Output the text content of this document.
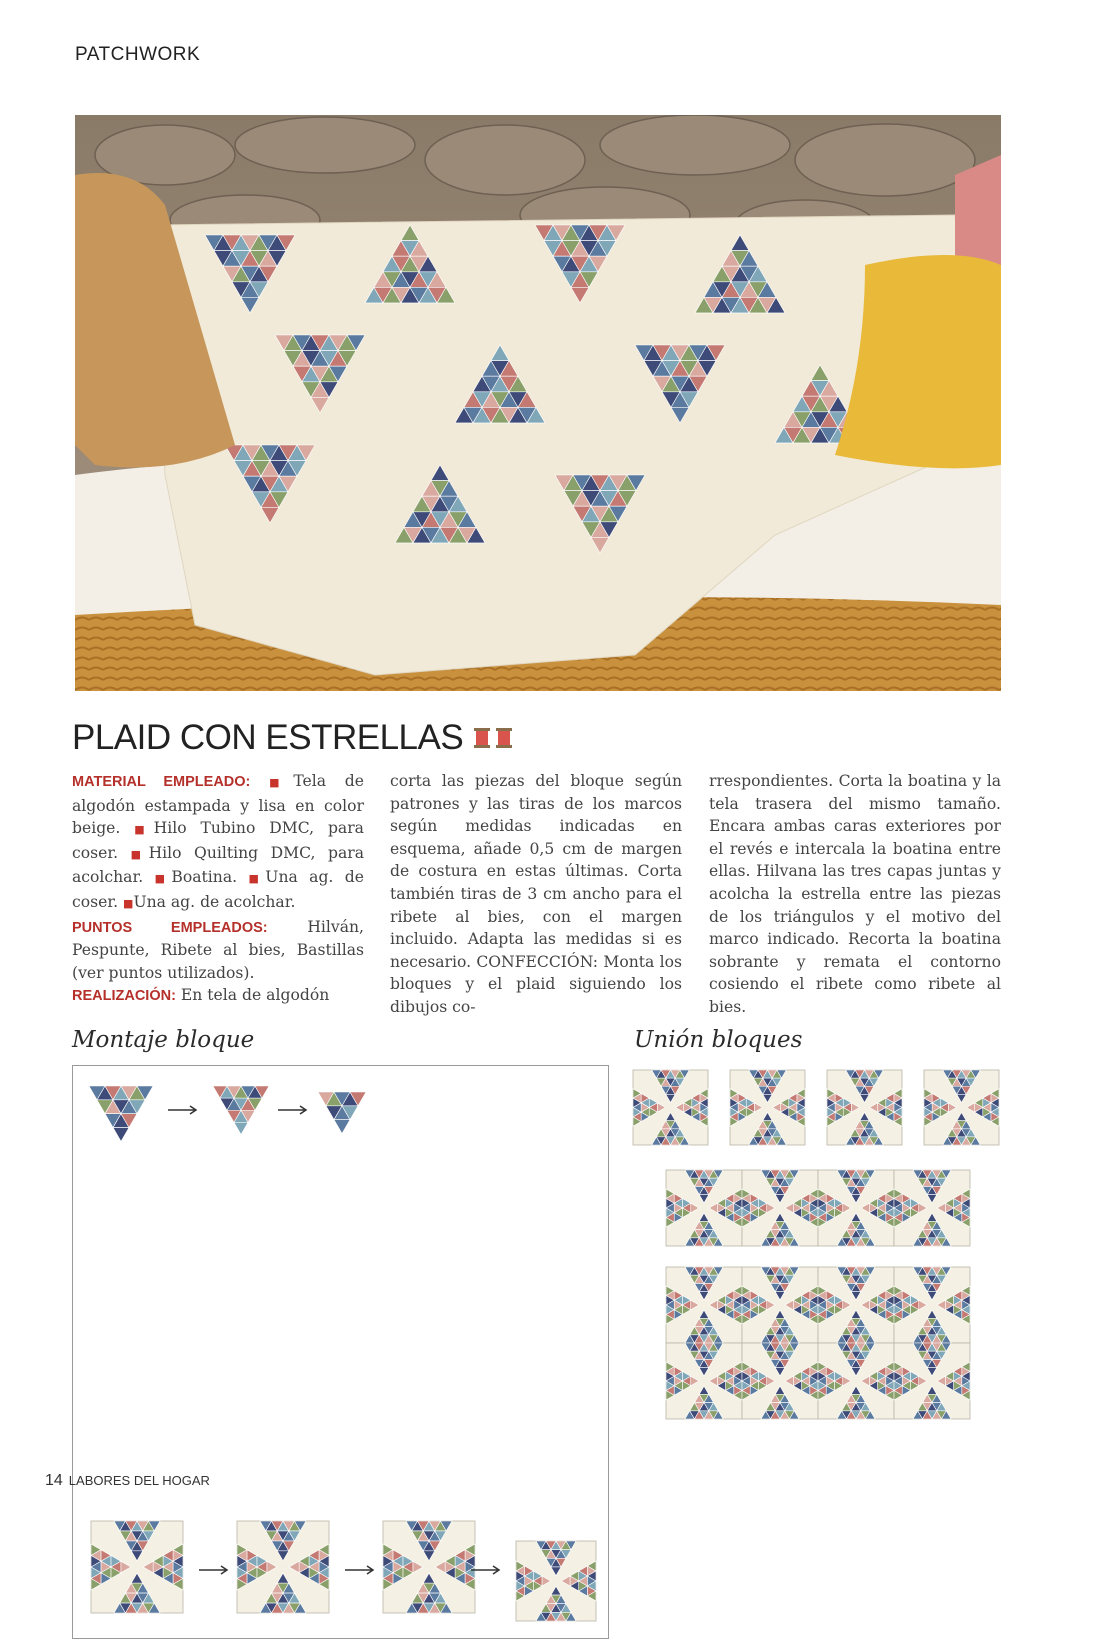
PATCHWORK
PLAID CON ESTRELLAS

MATERIAL EMPLEADO: ■Tela de algodón estampada y lisa en color beige. ■Hilo Tubino DMC, para coser. ■Hilo Quilting DMC, para acolchar. ■Boatina. ■Una ag. de coser. ■Una ag. de acolchar.

PUNTOS EMPLEADOS:	Hilván, Pespunte, Ribete al bies, Bastillas (ver puntos utilizados).

REALIZACIÓN: En tela de algodón

corta las piezas del bloque según patrones y las tiras de los marcos según medidas indicadas en esquema, añade 0,5 cm de margen de costura en estas últimas. Corta también tiras de 3 cm ancho para el ribete al bies, con el margen incluido. Adapta las medidas si es necesario. CONFECCIÓN: Monta los bloques y el plaid siguiendo los dibujos co-

rrespondientes. Corta la boatina y la tela trasera del mismo tamaño. Encara ambas caras exteriores por el revés e intercala la boatina entre ellas. Hilvana las tres capas juntas y acolcha la estrella entre las piezas de los triángulos y el motivo del marco indicado. Recorta la boatina sobrante y remata el contorno cosiendo el ribete como ribete al bies.

Montaje bloque	Unión bloques
14 LABORES DEL HOGAR
